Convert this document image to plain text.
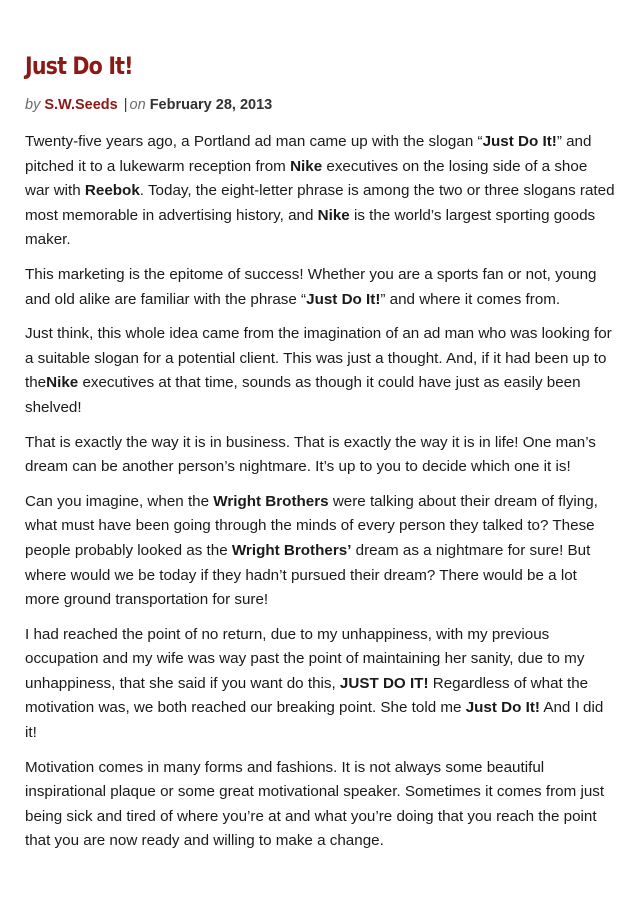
Just Do It!
by S.W.Seeds | on February 28, 2013

Twenty-five years ago, a Portland ad man came up with the slogan “Just Do It!” and pitched it to a lukewarm reception from Nike executives on the losing side of a shoe war with Reebok. Today, the eight-letter phrase is among the two or three slogans rated most memorable in advertising history, and Nike is the world’s largest sporting goods maker.

This marketing is the epitome of success! Whether you are a sports fan or not, young and old alike are familiar with the phrase “Just Do It!” and where it comes from.

Just think, this whole idea came from the imagination of an ad man who was looking for a suitable slogan for a potential client. This was just a thought. And, if it had been up to theNike executives at that time, sounds as though it could have just as easily been shelved!

That is exactly the way it is in business. That is exactly the way it is in life! One man’s dream can be another person’s nightmare. It’s up to you to decide which one it is!

Can you imagine, when the Wright Brothers were talking about their dream of flying, what must have been going through the minds of every person they talked to? These people probably looked as the Wright Brothers’ dream as a nightmare for sure! But where would we be today if they hadn’t pursued their dream? There would be a lot more ground transportation for sure!

I had reached the point of no return, due to my unhappiness, with my previous occupation and my wife was way past the point of maintaining her sanity, due to my unhappiness, that she said if you want do this, JUST DO IT! Regardless of what the motivation was, we both reached our breaking point. She told me Just Do It! And I did it!

Motivation comes in many forms and fashions. It is not always some beautiful inspirational plaque or some great motivational speaker. Sometimes it comes from just being sick and tired of where you’re at and what you’re doing that you reach the point that you are now ready and willing to make a change.
